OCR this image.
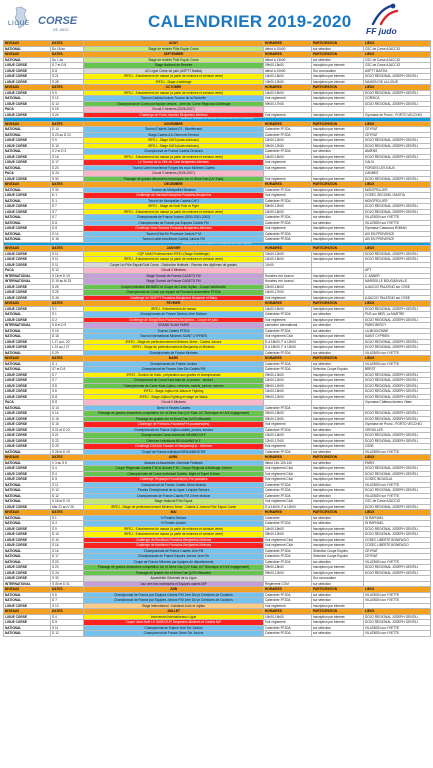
LIGUE CORSE
DE JUDO	CALENDRIER 2019-2020 FF judo
NIVEAUX	DATES	AOUT	HORAIRES	PARTICIPATION	LIEUX
NATIONAL	Du 18 au	Stage de rentrée Pôle Espoir Corse	début à 10h00	sur sélection	CSC de Corse AJACCIO
NIVEAUX	DATES	SEPTEMBRE	HORAIRES	PARTICIPATION	LIEUX
NATIONAL	Du 1 au	Stage de rentrée Pôle Espoir Corse	début à 13h00	sur sélection	CSC de Corse AJACCIO
LIGUE CORSE	S 7 et D 8	Stage National de Rentrée	09h00-16h00	Inscription par internet	CSC de Corse AJACCIO
LIGUE CORSE	D 8	AG Ligue Corse de judo (ASPTT Bastia)	début à 10h00	Sur convocation	ASPTT BASTIA
LIGUE CORSE	S 21	IRFEJ - Entrainement de masse (à partir de minimes et ceinture verte)	14h00-16h00	Inscription par internet	DOJO REGIONAL JOSEPH GENTILI
LIGUE CORSE	S 28	IRFEJ - Stage d'arbitrage	10h00-12h00	Inscription par internet	MAISON DE LA LIGUE
NIVEAUX	DATES	OCTOBRE	HORAIRES	PARTICIPATION	LIEUX
LIGUE CORSE	S 5	IRFEJ - Entrainement de masse (à partir de minimes et ceinture verte)	14h00-16h00	Inscription par internet	DOJO REGIONAL JOSEPH GENTILI
NATIONAL	S 12	Tournoi Cadets/Juniors Tournoi de la Rochelle	Voir règlement	Inscription par internet	CORSICA
LIGUE CORSE	D 13	Championnat de Corse par équipe seniors - 1ère div. Corse Régional d'Arbitrage	09h00-17h00	Inscription par internet	DOJO REGIONAL JOSEPH GENTILI
PACA	S 19	Circuit 2 minimes (2006-2007)			
LIGUE CORSE	S 26	Challenge de Porto-Vecchio Benjamins-Minimes	Voir règlement	Inscription par internet	Gymnase de Pruno - PORTO VECCHIO
Vacances Toussaint du samedi 19 octobre au lundi 4 novembre					
NIVEAUX	DATES	NOVEMBRE	HORAIRES	PARTICIPATION	LIEUX
NATIONAL	D 10	Tournoi Cadets Juniors FJ - Montferrand	Calendrier FFJDA	Inscription par internet	CEYRAT
NATIONAL	S 23 au D 24	Stage Cadets d'A Clermont-Ferrand	Calendrier FFJDA	Inscription par internet	CEYRAT
LIGUE CORSE	S 9	IRFEJ - Stage KATA (kata shinkoku)	10h00-12h00	Inscription par internet	DOJO REGIONAL JOSEPH GENTILI
LIGUE CORSE	D 10	IRFEJ - Stage KATA (kata shinkoku)	09h00-12h00	Inscription par internet	DOJO REGIONAL JOSEPH GENTILI
NATIONAL	S 2 et D 3	Championnat de France Cadets Divisions	Calendrier FFJDA	sur sélection	AMIENS
LIGUE CORSE	S 16	IRFEJ - Entrainement de masse (à partir de minimes et ceinture verte)	14h00-16h00	Inscription par internet	DOJO REGIONAL JOSEPH GENTILI
LIGUE CORSE	D 17	Le Tournoi de la Ville de Calvi Benjamins-Minimes	Voir règlement	Inscription par internet	CALVI
NATIONAL	S 23	Tournoi Label excellence Forges les eaux Minimes Cadets	Voir règlement	Inscription par internet	FORGES LES EAUX
PACA	D 24	Circuit 3 minimes (2006-2007)			CANNES
LIGUE CORSE	S 30	Passage de grades dimanches techniques 1er et 2ème Dan (UV Kata)	Voir règlement	Inscription par internet	DOJO REGIONAL JOSEPH GENTILI
NIVEAUX	DATES	DECEMBRE	HORAIRES	PARTICIPATION	LIEUX
NATIONAL	S 30	Tournoi de Montpellier Minimes	Calendrier FFJDA	Inscription par internet	MONTPELLIER
LIGUE CORSE	D 1	Challenge de Sarrola/Carcopino Poussins-Benjamins	Voir règlement	Inscription par internet	COSEC SECOND / BASTIA
NATIONAL	D 1	Tournoi de Montpellier Cadets ChFJ	Calendrier FFJDA	Inscription par internet	MONTPELLIER
LIGUE CORSE	S 7	IRFEJ - Stage de Noël Pôle et Fight	09h00-12h00	Inscription par internet	DOJO REGIONAL JOSEPH GENTILI
LIGUE CORSE	S 7	IRFEJ - Entrainement de masse (à partir de minimes et ceinture verte)	14h00-16h00	Inscription par internet	DOJO REGIONAL JOSEPH GENTILI
NATIONAL	S 7	Championnats de France Juniors (2000-2001-2002)	Calendrier FFJDA	sur sélection	VILLEBON sur YVETTE
NATIONAL	D 8	Championnats de France par Equipes Cadets FM	Calendrier FFJDA	sur sélection	VILLEBON sur YVETTE
LIGUE CORSE	D 8	Challenge Jean Santoni Poussins-Benjamins-Minimes	Voir règlement	Inscription par internet	Gymnase Casanova ROMAN
NATIONAL	S 14	Tournoi d'Aix En Provence Juniors F M	Calendrier FFJDA	Inscription par internet	AIX EN PROVENCE
NATIONAL	D 15	Tournoi Label excellence Cadets Juniors FM	Calendrier FFJDA	Inscription par internet	AIX EN PROVENCE
Vacances de Noël du samedi 21 décembre au lundi 6 janvier					
NIVEAUX	DATES	JANVIER	HORAIRES	PARTICIPATION	LIEUX
LIGUE CORSE	S 11	CQP MAM Professionnel IRFEJ (Stage d'arbitrage)	10h00-12h00	Inscription par internet	DOJO REGIONAL JOSEPH GENTILI
LIGUE CORSE	S 11	IRFEJ - Entrainement de masse (à partir de minimes et ceinture verte)	14h00-16h00	Inscription par internet	DOJO REGIONAL JOSEPH GENTILI
LIGUE CORSE	S 11	Coupe Un Pôle Espoir/Gobi Corse - Distinction fédérale - Remise des diplômes de grades	11h00		
PACA	D 12	Circuit 4 Minimes			APT
INTERNATIONAL	S 18 et D 19	Stage Tournoi de France CADETS FM	Horaires voir tournoi	Inscription par internet	Z. ANNER
INTERNATIONAL	D 19 au M 23	Stage Tournoi de France CADETS FM	Horaires voir tournoi	Inscription par internet	MARSEILLE BOUGAINVILLE
LIGUE CORSE	S 25	Coupe Individuel MINIMES et Coupe de Corse Jujitsu - Coupe individuelle	10h00-16h00	Inscription par internet	AJACCIO PALATINO sur CSSE
LIGUE CORSE	S 25	Championnat de Corse par équipe de Poussins Assemblée FFJDA	14h00-17h00	Inscription par internet	
LIGUE CORSE	D 26	Challenge de l'ASPTT Poussins-Benjamins Benjamin et Baby	Voir règlement	Inscription par internet	AJACCIO PALATINO sur CSSE
NIVEAUX	DATES	FEVRIER	HORAIRES	PARTICIPATION	LIEUX
LIGUE CORSE	S 1	IRFEJ - Entrainement de masse	14h00-16h00	Inscription par internet	DOJO REGIONAL JOSEPH GENTILI
NATIONAL	S 1	Championnats de France Seniors 1ère Division	Calendrier FFJDA	sur sélection	PUS sur MER, La MARTRE
LIGUE CORSE	D 2	Challenge de Borgo/Sion Poussins-Benjamins - Coupe de judo	Voir règlement	Inscription par internet	DOJO REGIONAL JOSEPH GENTILI
INTERNATIONAL	S 8 et D 9	GRAND SLAM PARIS	calendrier international	sur sélection	PARIS BERCY
NATIONAL	S 15	Tournoi Cadets FFJDA	Calendrier FFJDA	sur sélection	LA MOUVONNE
NATIONAL	D 16	Tournoi International Minimes SAINT CYPRIEN	Voir règlement Club	Inscription par internet	SAINT CYPRIEN
LIGUE CORSE	L 17 au L 20	IRFEJ - Stage de perfectionnement Minimes 3ème - Cadets Juniors	D à 18h00, F à 12h00	Inscription par internet	DOJO REGIONAL JOSEPH GENTILI
LIGUE CORSE	L 24 au J 27	IRFEJ - Stage de perfectionnement Benjamins et Minimes	D à 18h00, F à 12h00	Inscription par internet	DOJO REGIONAL JOSEPH GENTILI
NATIONAL	S 29	Championnats de France Minimes	Calendrier FFJDA	sur sélection	VILLEBON sur YVETTE
NIVEAUX	DATES	MARS	HORAIRES	PARTICIPATION	LIEUX
NATIONAL	D 1	Championnats de France Juniors	Calendrier FFJDA	sur sélection	VILLEBON sur YVETTE
NATIONAL	S7 et D 8	Championnat de France 1ère Div Cadets FM	Calendrier FFJDA	Sélection Coupe Espoirs	BREST
LIGUE CORSE	S 7	IRFEJ - Section de Kata - préparation aux grades et championnats	09h00-13h00	Inscription par internet	DOJO REGIONAL JOSEPH GENTILI
LIGUE CORSE	S 7	Championnat de Corse Kata kata de Ju juniors - seniors	10h00-12h00	Inscription par internet	DOJO REGIONAL JOSEPH GENTILI
LIGUE CORSE	S 8	Championnats de Corse Kata-Jujitsu, minimes, cadets, juniors, seniors	09h00-12h00	Inscription par internet	DOJO REGIONAL JOSEPH GENTILI
LIGUE CORSE	S 8	IRFEJ - Stage Jujitsu Ne-Waza et Fighting	14h00-16h00	Inscription par internet	DOJO REGIONAL JOSEPH GENTILI
LIGUE CORSE	D 8	IRFEJ - Stage Jujitsu Fighting et stage ne Waza	09h00-12h00	Inscription par internet	DOJO REGIONAL JOSEPH GENTILI
PACA	D 8	Circuit 5 Minimes			Gymnase Château Amiens Vitale
NATIONAL	D 14	Demi-½ Finales Cadets	Calendrier FFJDA	Inscription par internet	
LIGUE CORSE	S 14	Passage de grades dimanches compétition 1er et 2ème Dan (UV Kata, UV Technique et UV4 engagement)	09h00-18h00	Inscription par internet	DOJO REGIONAL JOSEPH GENTILI
LIGUE CORSE	D 15	Passage de grades 1er et 2ème Dan (UV3 efficacité)	09h00-12h00	Inscription par internet	DOJO REGIONAL JOSEPH GENTILI
LIGUE CORSE	D 15	Challenge de Porticcio-Poussins/Pré-poussins(tes)	Voir règlement	Inscription par internet	Gymnase de Pruno - PORTO VECCHIO
LIGUE CORSE	S 21 et D 22	Championnats de France Jujitsu cadets, juniors, seniors	Calendrier FFJDA	sur sélection	CERGILLES
LIGUE CORSE	S 21	Championnats Corse individuel MINIMES M F	10h00-16h00	Inscription par internet	DOJO REGIONAL JOSEPH GENTILI
LIGUE CORSE	D 22	Criterium Individuels BENJAMINS M F	12h00-17h00	Inscription par internet	DOJO REGIONAL JOSEPH GENTILI
LIGUE CORSE	D 29	Challenge DAKAIA Poussin et Benjamin(e)s - Minimes	Voir règlement	Inscription par internet	CSSE
NATIONAL	S 28 et D 29	Coupe de France individuel BENJAMINS FM	Calendrier FFJDA	sur sélection	VILLEBON sur YVETTE
NIVEAUX	DATES	AVRIL	HORAIRES	PARTICIPATION	LIEUX
NATIONAL	V 3 au S 5	Assises et Assemblée Générale Fédérale	début 14h-10h-14h	sur sélection	PARIS
LIGUE CORSE	S 4	Coupe Régionale Cadets F M et Juniors F M - Coupe Régional d'Arbitrage Juniors	Voir règlement Club	Inscription par internet	DOJO REGIONAL JOSEPH GENTILI
LIGUE CORSE	S 4	Championnats de Corse individuel Cadets, Night et Super 8 Jean	Voir règlement Club	Inscription par internet	DOJO REGIONAL JOSEPH GENTILI
LIGUE CORSE	D 5	Challenge Regnaghi Poussins(es)-Pré-poussins	Voir règlement Club	Inscription par internet	COSEC BIGUGLIA
NATIONAL	S 11	Championnat de France Cadets 2ème division	Calendrier FFJDA	sur sélection	VILLEBON sur YVETTE
NATIONAL	D 12	Finales Championnat de la Ligue 1 équipe Seniors	Calendrier FFJDA	Inscription par internet	DOJO REGIONAL JOSEPH GENTILI
NATIONAL	D 12	Championnats de France Cadets FM 2 ème division	Calendrier FFJDA	sur sélection	VILLEBON sur YVETTE
NATIONAL	S 18 et D 19	Stage National Pôle Espoir	Voir règlement Club	Inscription par internet	CSC de Corse AJACCIO
LIGUE CORSE	Mar 21 au V 25	IRFEJ - Stage de perfectionnement Minimes 3ème - Cadets & Juniors Pôle Espoir Corse	D à 14h00, F à 12h00	Inscription par internet	DOJO REGIONAL JOSEPH GENTILI
NIVEAUX	DATES	MAI	HORAIRES	PARTICIPATION	LIEUX
NATIONAL	S 1	½ Finales Seniors	Calendrier	sur sélection	St RAPHAEL
NATIONAL	D 2	½ Finales Juniors	Calendrier FFJDA	sur sélection	St RAPHAEL
LIGUE CORSE	S 9	IRFEJ - Entrainement de masse (à partir de minimes et ceinture verte)	14h00-16h00	Inscription par internet	DOJO REGIONAL JOSEPH GENTILI
LIGUE CORSE	D 10	IRFEJ - Entrainement de masse (à partir de minimes et ceinture verte)	09h00-12h00	Inscription par internet	DOJO REGIONAL JOSEPH GENTILI
LIGUE CORSE	D 10	Challenge de Bonifacio Poussins-Benjamins-Minimes	Voir règlement Club	Inscription par internet	COSEC LIBERTE BONIFACIO
LIGUE CORSE	S 16	Challenge de Bonifacio Poussins-Benjamins-Minimes	Voir règlement Club	Inscription par internet	COSEC LIBERTE BONIFACIO
NATIONAL	S 16	Championnats de France Cadets 1ère FM	Calendrier FFJDA	Sélection Coupe Espoirs	CEYRAT
NATIONAL	D 17	Championnats de France Espoirs Juniors 1ère Div	Calendrier FFJDA	Sélection Coupe Espoirs	CEYRAT
NATIONAL	S 23	Coupe de France Minimes par équipes de départements	Calendrier FFJDA	sur sélection	VILLEBON sur YVETTE
LIGUE CORSE	S 23	Passage de grades dimanches compétition 1er et 2ème Dan (UV Kata, UV Technique et UV4 engagement)	09h00-18h00	Inscription par internet	DOJO REGIONAL JOSEPH GENTILI
LIGUE CORSE	D 24	Passage de grades 1er et 2ème Dan (UV3 efficacité)	09h00-12h00	Inscription par internet	DOJO REGIONAL JOSEPH GENTILI
LIGUE CORSE	S 30	Assemblée Générale de la Ligue		Sur convocation	
INTERNATIONAL	S 30 et D 31	Jour des fins Individuels et Equipes cadets M/F	Règlement CGM	sur sélection	
NIVEAUX	DATES	JUIN	HORAIRES	PARTICIPATION	LIEUX
NATIONAL	S 6	Championnat de France par Equipes Cadets F/M 1ère Div pr Ceintures de Couleurs	Calendrier FFJDA	sur sélection	VILLEBON sur YVETTE
NATIONAL	D 7	Championnat de France par Equipes Juniors F/M 1ère Div pr Ceintures de Couleurs	Calendrier FFJDA	sur sélection	VILLEBON sur YVETTE
LIGUE CORSE	S 13	Stage international - Kaidanai Judo et Jujitsu	Voir règlement	Inscription par internet	
NIVEAUX	DATES	JUILLET	HORAIRES	PARTICIPATION	LIEUX
LIGUE CORSE	S 4	Intervenant internationaux Ligue	14h00-16h00	Inscription par internet	DOJO REGIONAL JOSEPH GENTILI
LIGUE CORSE	D 5	Coupe Jean Noël LE SANDOUR Benjamins-Minimes et Cadets M/F	Voir règlement	Inscription par internet	DOJO REGIONAL JOSEPH GENTILI
NATIONAL	S 11	Championnat de France 1ère Div Juniors	Calendrier FFJDA	sur sélection	VILLEBON sur YVETTE
NATIONAL	D 12	Championnat de France 2ème Div Juniors	Calendrier FFJDA	sur sélection	VILLEBON sur YVETTE
